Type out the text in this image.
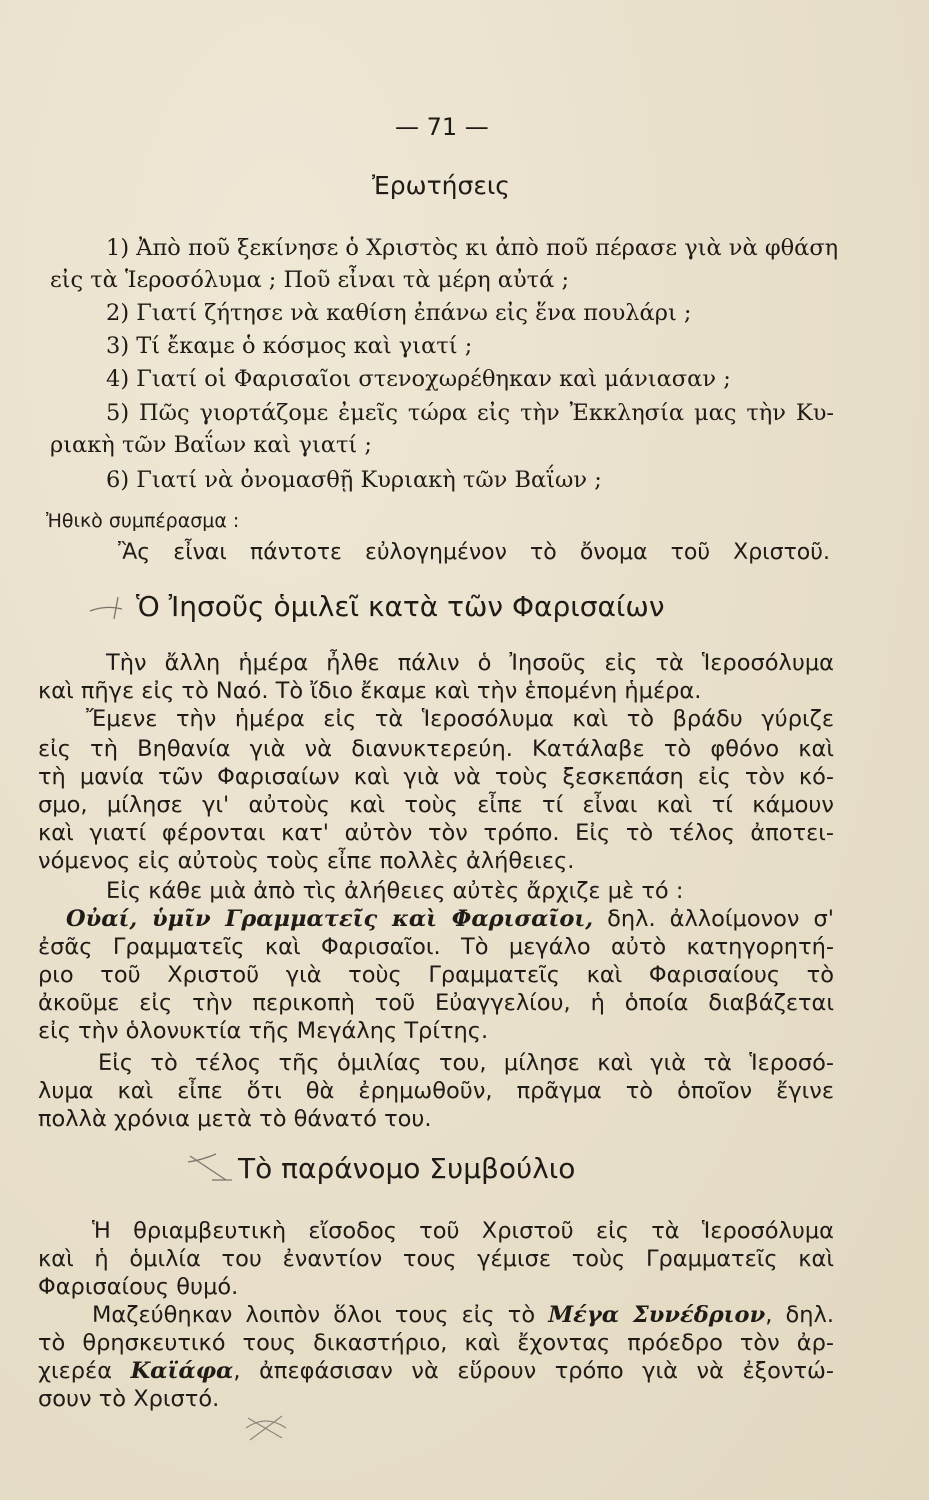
— 71 —
Ἐρωτήσεις
1) Ἀπὸ ποῦ ξεκίνησε ὁ Χριστὸς κι ἀπὸ ποῦ πέρασε γιὰ νὰ φθάση
εἰς τὰ Ἱεροσόλυμα ; Ποῦ εἶναι τὰ μέρη αὐτά ;
2) Γιατί ζήτησε νὰ καθίση ἐπάνω εἰς ἕνα πουλάρι ;
3) Τί ἔκαμε ὁ κόσμος καὶ γιατί ;
4) Γιατί οἱ Φαρισαῖοι στενοχωρέθηκαν καὶ μάνιασαν ;
5) Πῶς γιορτάζομε ἐμεῖς τώρα εἰς τὴν Ἐκκλησία μας τὴν Κυ-
ριακὴ τῶν Βαΐων καὶ γιατί ;
6) Γιατί νὰ ὀνομασθῇ Κυριακὴ τῶν Βαΐων ;
Ἠθικὸ συμπέρασμα :
Ἂς εἶναι πάντοτε εὐλογημένον τὸ ὄνομα τοῦ Χριστοῦ.
Ὁ Ἰησοῦς ὁμιλεῖ κατὰ τῶν Φαρισαίων
Τὴν ἄλλη ἡμέρα ἦλθε πάλιν ὁ Ἰησοῦς εἰς τὰ Ἱεροσόλυμα
καὶ πῆγε εἰς τὸ Ναό. Τὸ ἴδιο ἔκαμε καὶ τὴν ἑπομένη ἡμέρα.
Ἔμενε τὴν ἡμέρα εἰς τὰ Ἱεροσόλυμα καὶ τὸ βράδυ γύριζε
εἰς τὴ Βηθανία γιὰ νὰ διανυκτερεύη. Κατάλαβε τὸ φθόνο καὶ
τὴ μανία τῶν Φαρισαίων καὶ γιὰ νὰ τοὺς ξεσκεπάση εἰς τὸν κό-
σμο, μίλησε γι' αὐτοὺς καὶ τοὺς εἶπε τί εἶναι καὶ τί κάμουν
καὶ γιατί φέρονται κατ' αὐτὸν τὸν τρόπο. Εἰς τὸ τέλος ἀποτει-
νόμενος εἰς αὐτοὺς τοὺς εἶπε πολλὲς ἀλήθειες.
Εἰς κάθε μιὰ ἀπὸ τὶς ἀλήθειες αὐτὲς ἄρχιζε μὲ τό :
Οὐαί, ὑμῖν Γραμματεῖς καὶ Φαρισαῖοι, δηλ. ἀλλοίμονον σ'
ἐσᾶς Γραμματεῖς καὶ Φαρισαῖοι. Τὸ μεγάλο αὐτὸ κατηγορητή-
ριο τοῦ Χριστοῦ γιὰ τοὺς Γραμματεῖς καὶ Φαρισαίους τὸ
ἀκοῦμε εἰς τὴν περικοπὴ τοῦ Εὐαγγελίου, ἡ ὁποία διαβάζεται
εἰς τὴν ὁλονυκτία τῆς Μεγάλης Τρίτης.
Εἰς τὸ τέλος τῆς ὁμιλίας του, μίλησε καὶ γιὰ τὰ Ἱεροσό-
λυμα καὶ εἶπε ὅτι θὰ ἐρημωθοῦν, πρᾶγμα τὸ ὁποῖον ἔγινε
πολλὰ χρόνια μετὰ τὸ θάνατό του.
Τὸ παράνομο Συμβούλιο
Ἡ θριαμβευτικὴ εἴσοδος τοῦ Χριστοῦ εἰς τὰ Ἱεροσόλυμα
καὶ ἡ ὁμιλία του ἐναντίον τους γέμισε τοὺς Γραμματεῖς καὶ
Φαρισαίους θυμό.
Μαζεύθηκαν λοιπὸν ὅλοι τους εἰς τὸ Μέγα Συνέδριον, δηλ.
τὸ θρησκευτικό τους δικαστήριο, καὶ ἔχοντας πρόεδρο τὸν ἀρ-
χιερέα Καϊάφα, ἀπεφάσισαν νὰ εὕρουν τρόπο γιὰ νὰ ἐξοντώ-
σουν τὸ Χριστό.
